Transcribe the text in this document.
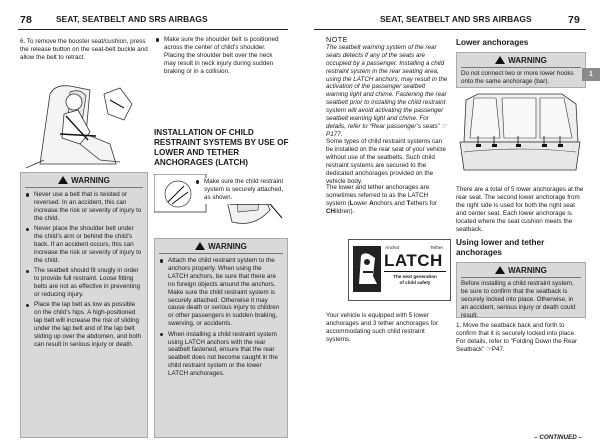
78	SEAT, SEATBELT AND SRS AIRBAGS
6. To remove the booster seat/cushion, press the release button on the seat-belt buckle and allow the belt to retract.
Make sure the shoulder belt is positioned across the center of child’s shoulder. Placing the shoulder belt over the neck may result in neck injury during sudden braking or in a collision.
INSTALLATION OF CHILD RESTRAINT SYSTEMS BY USE OF LOWER AND TETHER ANCHORAGES (LATCH)
WARNING
Never use a belt that is twisted or reversed. In an accident, this can increase the risk or severity of injury to the child.
Never place the shoulder belt under the child’s arm or behind the child’s back. If an accident occurs, this can increase the risk or severity of injury to the child.
The seatbelt should fit snugly in order to provide full restraint. Loose fitting belts are not as effective in preventing or reducing injury.
Place the lap belt as low as possible on the child’s hips. A high-positioned lap belt will increase the risk of sliding under the lap belt and of the lap belt sliding up over the abdomen, and both can result in serious injury or death.
WARNING
Attach the child restraint system to the anchors properly. When using the LATCH anchors, be sure that there are no foreign objects around the anchors. Make sure the child restraint system is securely attached. Otherwise it may cause death or serious injury to children or other passengers in sudden braking, swerving, or accidents.
When installing a child restraint system using LATCH anchors with the rear seatbelt fastened, ensure that the rear seatbelt does not become caught in the child restraint system or the lower LATCH anchorages.
Make sure the child restraint system is securely attached, as shown.
SEAT, SEATBELT AND SRS AIRBAGS	79
NOTE
The seatbelt warning system of the rear seats detects if any of the seats are occupied by a passenger. Installing a child restraint system in the rear seating area, using the LATCH anchors, may result in the activation of the passenger seatbelt warning light and chime. Fastening the rear seatbelt prior to installing the child restraint system will avoid activating the passenger seatbelt warning light and chime. For details, refer to “Rear passenger’s seats” ☞P177.
Some types of child restraint systems can be installed on the rear seat of your vehicle without use of the seatbelts. Such child restraint systems are secured to the dedicated anchorages provided on the vehicle body.
The lower and tether anchorages are sometimes referred to as the LATCH system (Lower Anchors and Tethers for CHildren).
Your vehicle is equipped with 5 lower anchorages and 3 tether anchorages for accommodating such child restraint systems.
Lower anchorages
WARNING
Do not connect two or more lower hooks onto the same anchorage (bar).
There are a total of 5 lower anchorages at the rear seat. The second lower anchorage from the right side is used for both the right seat and center seat. Each lower anchorage is located where the seat cushion meets the seatback.
Using lower and tether anchorages
WARNING
Before installing a child restraint system, be sure to confirm that the seatback is securely locked into place. Otherwise, in an accident, serious injury or death could result.
1. Move the seatback back and forth to confirm that it is securely locked into place. For details, refer to “Folding Down the Rear Seatback” ☞P47.
Anchor	Tether
LATCH
The next generation
of child safety
1
– CONTINUED –
